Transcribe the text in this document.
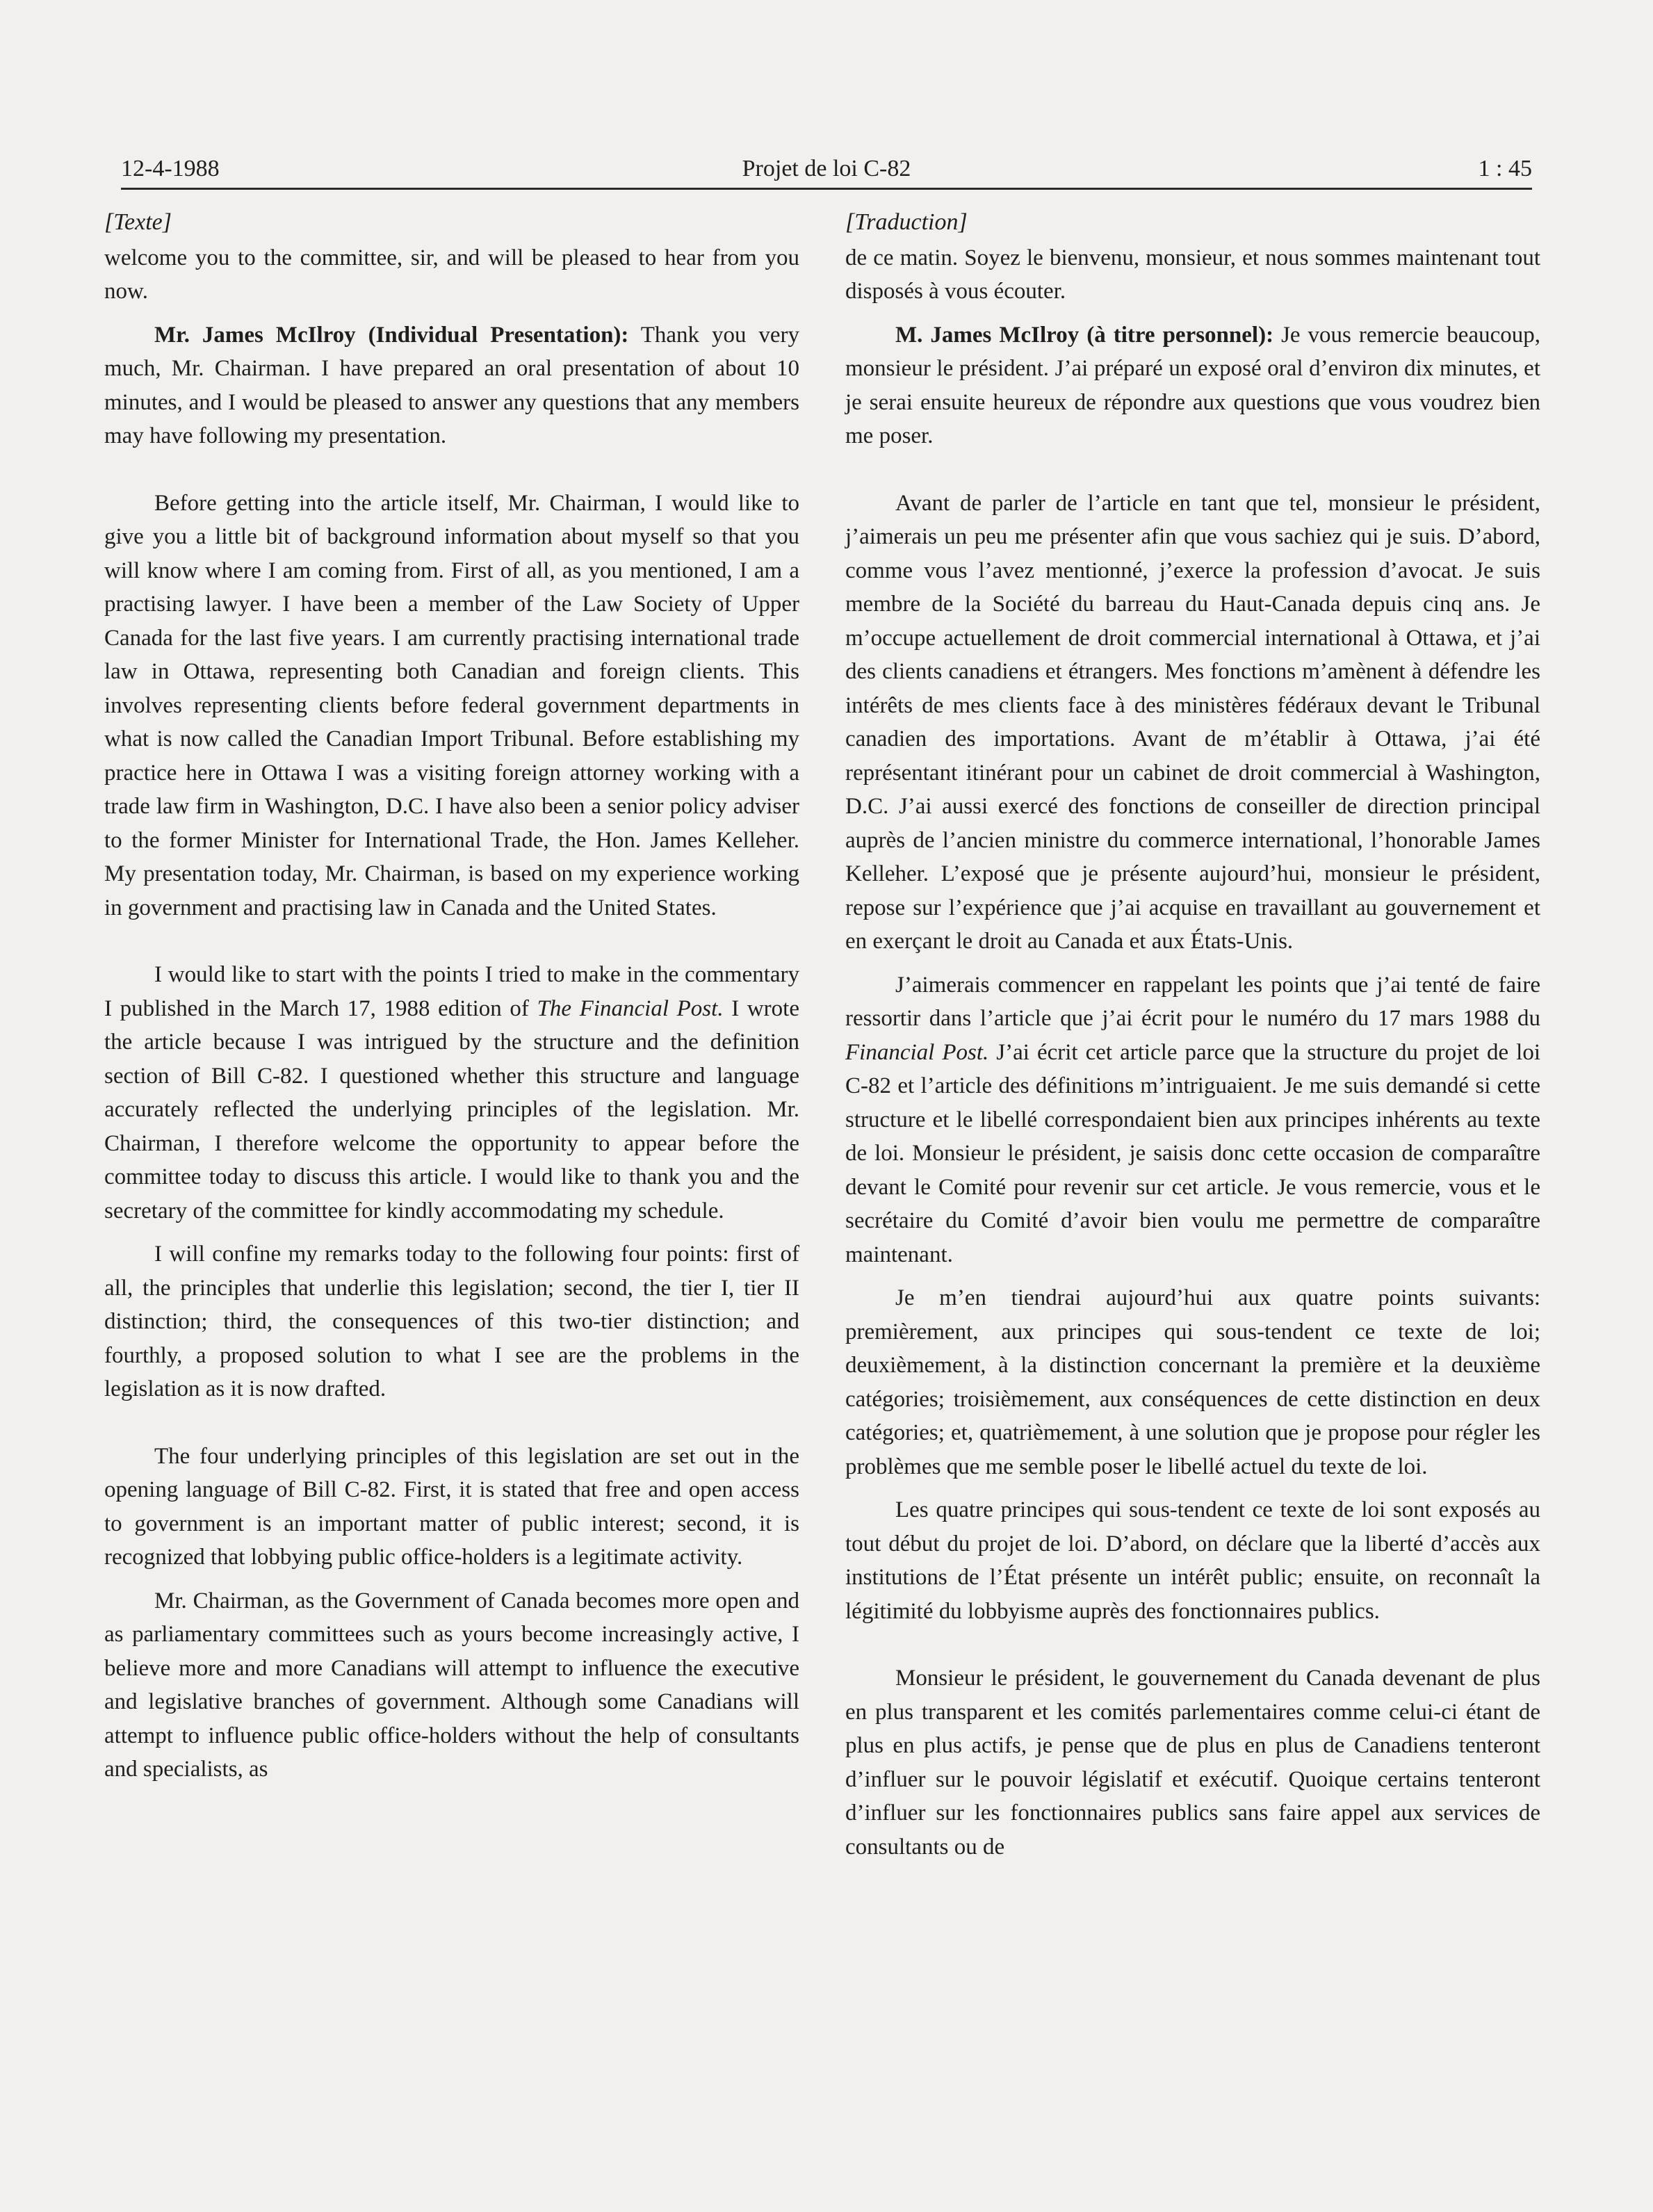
12-4-1988	Projet de loi C-82	1 : 45
[Texte]

welcome you to the committee, sir, and will be pleased to hear from you now.

Mr. James McIlroy (Individual Presentation): Thank you very much, Mr. Chairman. I have prepared an oral presentation of about 10 minutes, and I would be pleased to answer any questions that any members may have following my presentation.

Before getting into the article itself, Mr. Chairman, I would like to give you a little bit of background information about myself so that you will know where I am coming from. First of all, as you mentioned, I am a practising lawyer. I have been a member of the Law Society of Upper Canada for the last five years. I am currently practising international trade law in Ottawa, representing both Canadian and foreign clients. This involves representing clients before federal government departments in what is now called the Canadian Import Tribunal. Before establishing my practice here in Ottawa I was a visiting foreign attorney working with a trade law firm in Washington, D.C. I have also been a senior policy adviser to the former Minister for International Trade, the Hon. James Kelleher. My presentation today, Mr. Chairman, is based on my experience working in government and practising law in Canada and the United States.

I would like to start with the points I tried to make in the commentary I published in the March 17, 1988 edition of The Financial Post. I wrote the article because I was intrigued by the structure and the definition section of Bill C-82. I questioned whether this structure and language accurately reflected the underlying principles of the legislation. Mr. Chairman, I therefore welcome the opportunity to appear before the committee today to discuss this article. I would like to thank you and the secretary of the committee for kindly accommodating my schedule.

I will confine my remarks today to the following four points: first of all, the principles that underlie this legislation; second, the tier I, tier II distinction; third, the consequences of this two-tier distinction; and fourthly, a proposed solution to what I see are the problems in the legislation as it is now drafted.

The four underlying principles of this legislation are set out in the opening language of Bill C-82. First, it is stated that free and open access to government is an important matter of public interest; second, it is recognized that lobbying public office-holders is a legitimate activity.

Mr. Chairman, as the Government of Canada becomes more open and as parliamentary committees such as yours become increasingly active, I believe more and more Canadians will attempt to influence the executive and legislative branches of government. Although some Canadians will attempt to influence public office-holders without the help of consultants and specialists, as

[Traduction]

de ce matin. Soyez le bienvenu, monsieur, et nous sommes maintenant tout disposés à vous écouter.

M. James McIlroy (à titre personnel): Je vous remercie beaucoup, monsieur le président. J’ai préparé un exposé oral d’environ dix minutes, et je serai ensuite heureux de répondre aux questions que vous voudrez bien me poser.

Avant de parler de l’article en tant que tel, monsieur le président, j’aimerais un peu me présenter afin que vous sachiez qui je suis. D’abord, comme vous l’avez mentionné, j’exerce la profession d’avocat. Je suis membre de la Société du barreau du Haut-Canada depuis cinq ans. Je m’occupe actuellement de droit commercial international à Ottawa, et j’ai des clients canadiens et étrangers. Mes fonctions m’amènent à défendre les intérêts de mes clients face à des ministères fédéraux devant le Tribunal canadien des importations. Avant de m’établir à Ottawa, j’ai été représentant itinérant pour un cabinet de droit commercial à Washington, D.C. J’ai aussi exercé des fonctions de conseiller de direction principal auprès de l’ancien ministre du commerce international, l’honorable James Kelleher. L’exposé que je présente aujourd’hui, monsieur le président, repose sur l’expérience que j’ai acquise en travaillant au gouvernement et en exerçant le droit au Canada et aux États-Unis.

J’aimerais commencer en rappelant les points que j’ai tenté de faire ressortir dans l’article que j’ai écrit pour le numéro du 17 mars 1988 du Financial Post. J’ai écrit cet article parce que la structure du projet de loi C-82 et l’article des définitions m’intriguaient. Je me suis demandé si cette structure et le libellé correspondaient bien aux principes inhérents au texte de loi. Monsieur le président, je saisis donc cette occasion de comparaître devant le Comité pour revenir sur cet article. Je vous remercie, vous et le secrétaire du Comité d’avoir bien voulu me permettre de comparaître maintenant.

Je m’en tiendrai aujourd’hui aux quatre points suivants: premièrement, aux principes qui sous-tendent ce texte de loi; deuxièmement, à la distinction concernant la première et la deuxième catégories; troisièmement, aux conséquences de cette distinction en deux catégories; et, quatrièmement, à une solution que je propose pour régler les problèmes que me semble poser le libellé actuel du texte de loi.

Les quatre principes qui sous-tendent ce texte de loi sont exposés au tout début du projet de loi. D’abord, on déclare que la liberté d’accès aux institutions de l’État présente un intérêt public; ensuite, on reconnaît la légitimité du lobbyisme auprès des fonctionnaires publics.

Monsieur le président, le gouvernement du Canada devenant de plus en plus transparent et les comités parlementaires comme celui-ci étant de plus en plus actifs, je pense que de plus en plus de Canadiens tenteront d’influer sur le pouvoir législatif et exécutif. Quoique certains tenteront d’influer sur les fonctionnaires publics sans faire appel aux services de consultants ou de
